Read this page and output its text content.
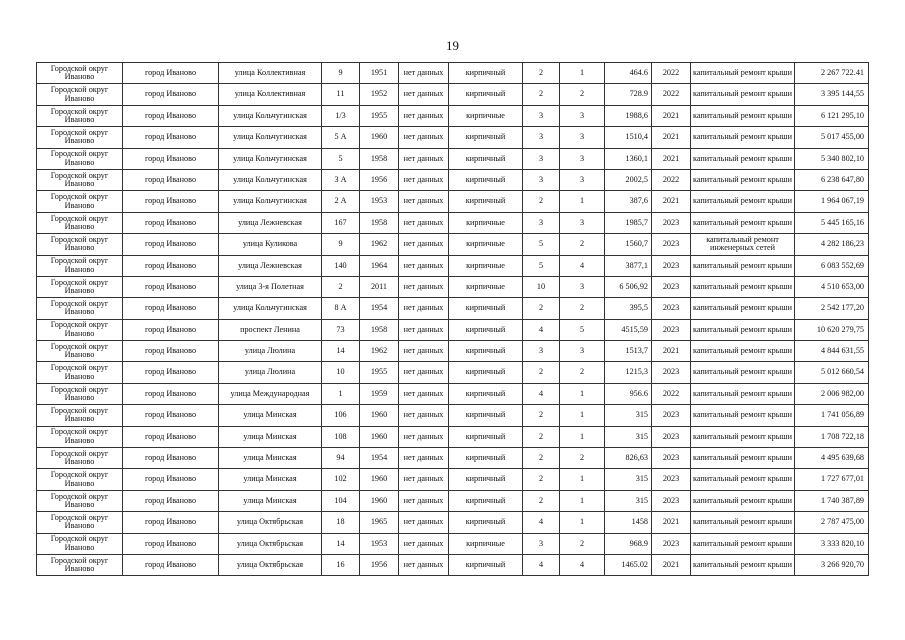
19
Городской округ Иваново	город Иваново	улица Коллективная	9	1951	нет данных	кирпичный	2	1	464.6	2022	капитальный ремонт крыши	2 267 722.41
Городской округ Иваново	город Иваново	улица Коллективная	11	1952	нет данных	кирпичный	2	2	728.9	2022	капитальный ремонт крыши	3 395 144,55
Городской округ Иваново	город Иваново	улица Кольчугинская	1/3	1955	нет данных	кирпичные	3	3	1988,6	2021	капитальный ремонт крыши	6 121 295,10
Городской округ Иваново	город Иваново	улица Кольчугинская	5 А	1960	нет данных	кирпичный	3	3	1510,4	2021	капитальный ремонт крыши	5 017 455,00
Городской округ Иваново	город Иваново	улица Кольчугинская	5	1958	нет данных	кирпичный	3	3	1360,1	2021	капитальный ремонт крыши	5 340 802,10
Городской округ Иваново	город Иваново	улица Кольчугинская	3 А	1956	нет данных	кирпичный	3	3	2002,5	2022	капитальный ремонт крыши	6 238 647,80
Городской округ Иваново	город Иваново	улица Кольчугинская	2 А	1953	нет данных	кирпичный	2	1	387,6	2021	капитальный ремонт крыши	1 964 067,19
Городской округ Иваново	город Иваново	улица Лежневская	167	1958	нет данных	кирпичные	3	3	1985,7	2023	капитальный ремонт крыши	5 445 165,16
Городской округ Иваново	город Иваново	улица Куликова	9	1962	нет данных	кирпичные	5	2	1560,7	2023	капитальный ремонт инженерных сетей	4 282 186,23
Городской округ Иваново	город Иваново	улица Лежневская	140	1964	нет данных	кирпичные	5	4	3877,1	2023	капитальный ремонт крыши	6 083 552,69
Городской округ Иваново	город Иваново	улица 3-я Полетная	2	2011	нет данных	кирпичные	10	3	6 506,92	2023	капитальный ремонт крыши	4 510 653,00
Городской округ Иваново	город Иваново	улица Кольчугинская	8 А	1954	нет данных	кирпичный	2	2	395,5	2023	капитальный ремонт крыши	2 542 177,20
Городской округ Иваново	город Иваново	проспект Ленина	73	1958	нет данных	кирпичный	4	5	4515,59	2023	капитальный ремонт крыши	10 620 279,75
Городской округ Иваново	город Иваново	улица Люлина	14	1962	нет данных	кирпичный	3	3	1513,7	2021	капитальный ремонт крыши	4 844 631,55
Городской округ Иваново	город Иваново	улица Люлина	10	1955	нет данных	кирпичный	2	2	1215,3	2023	капитальный ремонт крыши	5 012 660,54
Городской округ Иваново	город Иваново	улица Международная	1	1959	нет данных	кирпичный	4	1	956.6	2022	капитальный ремонт крыши	2 006 982,00
Городской округ Иваново	город Иваново	улица Минская	106	1960	нет данных	кирпичный	2	1	315	2023	капитальный ремонт крыши	1 741 056,89
Городской округ Иваново	город Иваново	улица Минская	108	1960	нет данных	кирпичный	2	1	315	2023	капитальный ремонт крыши	1 708 722,18
Городской округ Иваново	город Иваново	улица Минская	94	1954	нет данных	кирпичный	2	2	826,63	2023	капитальный ремонт крыши	4 495 639,68
Городской округ Иваново	город Иваново	улица Минская	102	1960	нет данных	кирпичный	2	1	315	2023	капитальный ремонт крыши	1 727 677,01
Городской округ Иваново	город Иваново	улица Минская	104	1960	нет данных	кирпичный	2	1	315	2023	капитальный ремонт крыши	1 740 387,89
Городской округ Иваново	город Иваново	улица Октябрьская	18	1965	нет данных	кирпичный	4	1	1458	2021	капитальный ремонт крыши	2 787 475,00
Городской округ Иваново	город Иваново	улица Октябрьская	14	1953	нет данных	кирпичные	3	2	968.9	2023	капитальный ремонт крыши	3 333 820,10
Городской округ Иваново	город Иваново	улица Октябрьская	16	1956	нет данных	кирпичный	4	4	1465.02	2021	капитальный ремонт крыши	3 266 920,70
